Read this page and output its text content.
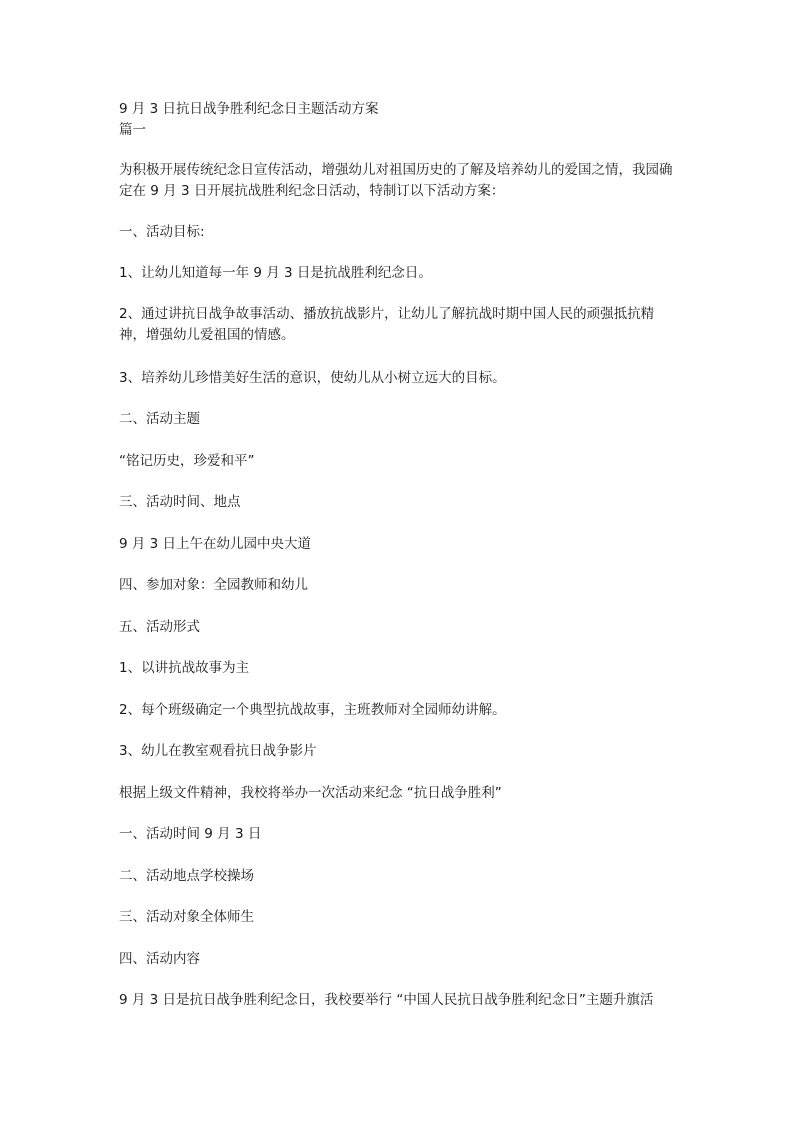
9 月 3 日抗日战争胜利纪念日主题活动方案
篇一
为积极开展传统纪念日宣传活动，增强幼儿对祖国历史的了解及培养幼儿的爱国之情，我园确定在 9 月 3 日开展抗战胜利纪念日活动，特制订以下活动方案：
一、活动目标:
1、让幼儿知道每一年 9 月 3 日是抗战胜利纪念日。
2、通过讲抗日战争故事活动、播放抗战影片，让幼儿了解抗战时期中国人民的顽强抵抗精神，增强幼儿爱祖国的情感。
3、培养幼儿珍惜美好生活的意识，使幼儿从小树立远大的目标。
二、活动主题
“铭记历史，珍爱和平”
三、活动时间、地点
9 月 3 日上午在幼儿园中央大道
四、参加对象：全园教师和幼儿
五、活动形式
1、以讲抗战故事为主
2、每个班级确定一个典型抗战故事，主班教师对全园师幼讲解。
3、幼儿在教室观看抗日战争影片
根据上级文件精神，我校将举办一次活动来纪念 “抗日战争胜利”
一、活动时间 9 月 3 日
二、活动地点学校操场
三、活动对象全体师生
四、活动内容
9 月 3 日是抗日战争胜利纪念日，我校要举行 “中国人民抗日战争胜利纪念日”主题升旗活
